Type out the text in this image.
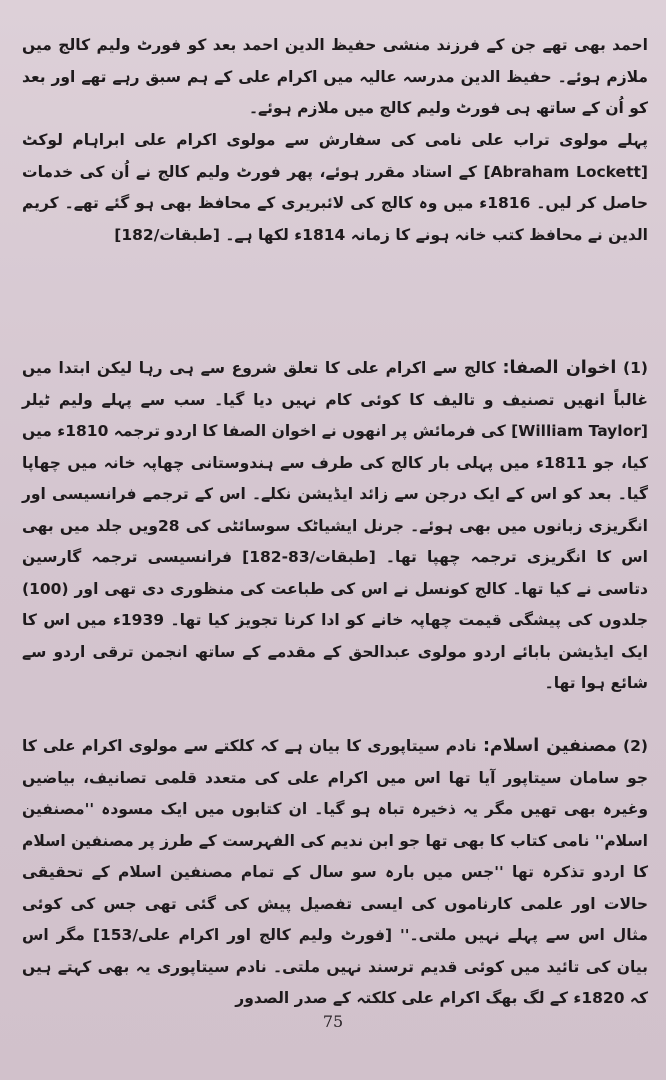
احمد بھی تھے جن کے فرزند منشی حفیظ الدین احمد بعد کو فورٹ ولیم کالج میں ملازم ہوئے۔ حفیظ الدین مدرسہ عالیہ میں اکرام علی کے ہم سبق رہے تھے اور بعد کو اُن کے ساتھ ہی فورٹ ولیم کالج میں ملازم ہوئے۔

پہلے مولوی تراب علی نامی کی سفارش سے مولوی اکرام علی ابراہام لوکٹ [Abraham Lockett] کے استاد مقرر ہوئے، پھر فورٹ ولیم کالج نے اُن کی خدمات حاصل کر لیں۔ 1816ء میں وہ کالج کی لائبریری کے محافظ بھی ہو گئے تھے۔ کریم الدین نے محافظ کتب خانہ ہونے کا زمانہ 1814ء لکھا ہے۔ [طبقات/182]

(1) اخوان الصفا: کالج سے اکرام علی کا تعلق شروع سے ہی رہا لیکن ابتدا میں غالباً انھیں تصنیف و تالیف کا کوئی کام نہیں دیا گیا۔ سب سے پہلے ولیم ٹیلر [William Taylor] کی فرمائش پر انھوں نے اخوان الصفا کا اردو ترجمہ 1810ء میں کیا، جو 1811ء میں پہلی بار کالج کی طرف سے ہندوستانی چھاپہ خانہ میں چھاپا گیا۔ بعد کو اس کے ایک درجن سے زائد ایڈیشن نکلے۔ اس کے ترجمے فرانسیسی اور انگریزی زبانوں میں بھی ہوئے۔ جرنل ایشیاٹک سوسائٹی کی 28ویں جلد میں بھی اس کا انگریزی ترجمہ چھپا تھا۔ [طبقات/83-182] فرانسیسی ترجمہ گارسین دتاسی نے کیا تھا۔ کالج کونسل نے اس کی طباعت کی منظوری دی تھی اور (100) جلدوں کی پیشگی قیمت چھاپہ خانے کو ادا کرنا تجویز کیا تھا۔ 1939ء میں اس کا ایک ایڈیشن بابائے اردو مولوی عبدالحق کے مقدمے کے ساتھ انجمن ترقی اردو سے شائع ہوا تھا۔

(2) مصنفین اسلام: نادم سیتاپوری کا بیان ہے کہ کلکتے سے مولوی اکرام علی کا جو سامان سیتاپور آیا تھا اس میں اکرام علی کی متعدد قلمی تصانیف، بیاضیں وغیرہ بھی تھیں مگر یہ ذخیرہ تباہ ہو گیا۔ ان کتابوں میں ایک مسودہ ''مصنفین اسلام'' نامی کتاب کا بھی تھا جو ابن ندیم کی الفہرست کے طرز پر مصنفین اسلام کا اردو تذکرہ تھا ''جس میں بارہ سو سال کے تمام مصنفین اسلام کے تحقیقی حالات اور علمی کارناموں کی ایسی تفصیل پیش کی گئی تھی جس کی کوئی مثال اس سے پہلے نہیں ملتی۔'' [فورٹ ولیم کالج اور اکرام علی/153] مگر اس بیان کی تائید میں کوئی قدیم ترسند نہیں ملتی۔ نادم سیتاپوری یہ بھی کہتے ہیں کہ 1820ء کے لگ بھگ اکرام علی کلکتہ کے صدر الصدور

75
